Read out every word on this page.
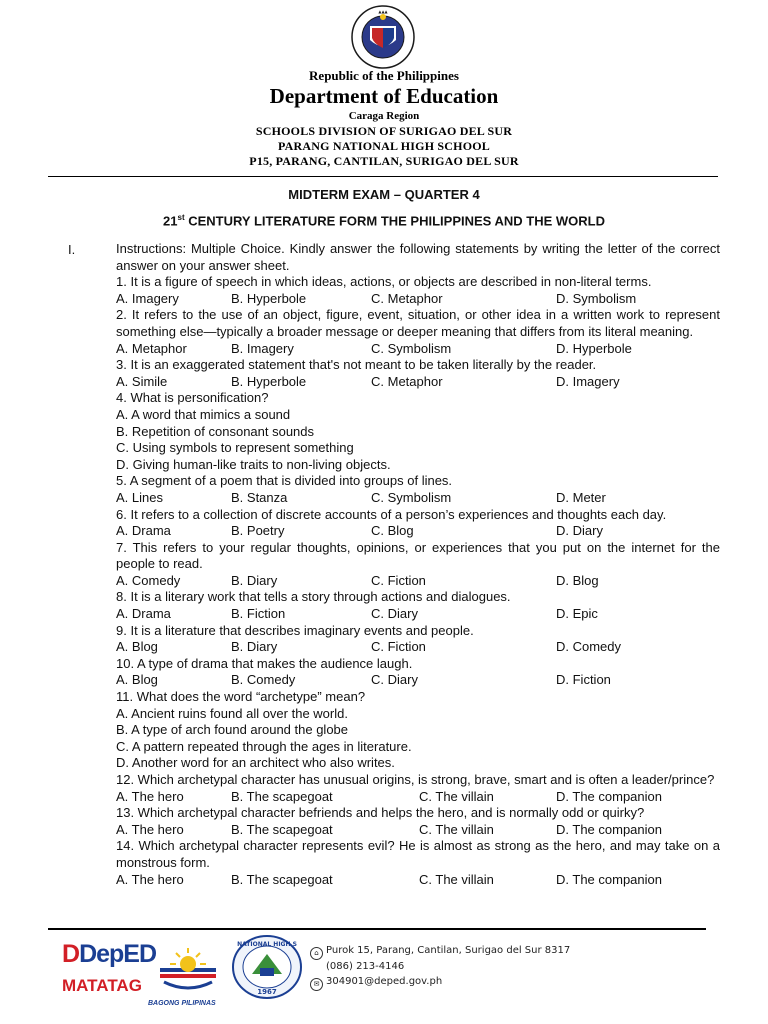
▲▲▲
Republic of the Philippines
Department of Education
Caraga Region
SCHOOLS DIVISION OF SURIGAO DEL SUR
PARANG NATIONAL HIGH SCHOOL
P15, PARANG, CANTILAN, SURIGAO DEL SUR
MIDTERM EXAM – QUARTER 4
21st CENTURY LITERATURE FORM THE PHILIPPINES AND THE WORLD
I.	Instructions: Multiple Choice. Kindly answer the following statements by writing the letter of the correct answer on your answer sheet.
1. It is a figure of speech in which ideas, actions, or objects are described in non-literal terms.
A. Imagery	B. Hyperbole	C. Metaphor	D. Symbolism
2. It refers to the use of an object, figure, event, situation, or other idea in a written work to represent something else—typically a broader message or deeper meaning that differs from its literal meaning.
A. Metaphor	B. Imagery	C. Symbolism	D. Hyperbole
3. It is an exaggerated statement that's not meant to be taken literally by the reader.
A. Simile	B. Hyperbole	C. Metaphor	D. Imagery
4. What is personification?
A. A word that mimics a sound
B. Repetition of consonant sounds
C. Using symbols to represent something
D. Giving human-like traits to non-living objects.
5. A segment of a poem that is divided into groups of lines.
A. Lines	B. Stanza	C. Symbolism	D. Meter
6. It refers to a collection of discrete accounts of a person’s experiences and thoughts each day.
A. Drama	B. Poetry	C. Blog	D. Diary
7. This refers to your regular thoughts, opinions, or experiences that you put on the internet for the people to read.
A. Comedy	B. Diary	C. Fiction	D. Blog
8. It is a literary work that tells a story through actions and dialogues.
A. Drama	B. Fiction	C. Diary	D. Epic
9. It is a literature that describes imaginary events and people.
A. Blog	B. Diary	C. Fiction	D. Comedy
10. A type of drama that makes the audience laugh.
A. Blog	B. Comedy	C. Diary	D. Fiction
11. What does the word “archetype” mean?
A. Ancient ruins found all over the world.
B. A type of arch found around the globe
C. A pattern repeated through the ages in literature.
D. Another word for an architect who also writes.
12. Which archetypal character has unusual origins, is strong, brave, smart and is often a leader/prince?
A. The hero	B. The scapegoat	C. The villain	D. The companion
13. Which archetypal character befriends and helps the hero, and is normally odd or quirky?
A. The hero	B. The scapegoat	C. The villain	D. The companion
14. Which archetypal character represents evil? He is almost as strong as the hero, and may take on a monstrous form.
A. The hero	B. The scapegoat	C. The villain	D. The companion
DDepED
MATATAG
BAGONG PILIPINAS
NATIONAL HIGH S
1967
⌂ Purok 15, Parang, Cantilan, Surigao del Sur 8317
(086) 213-4146
✉ 304901@deped.gov.ph
